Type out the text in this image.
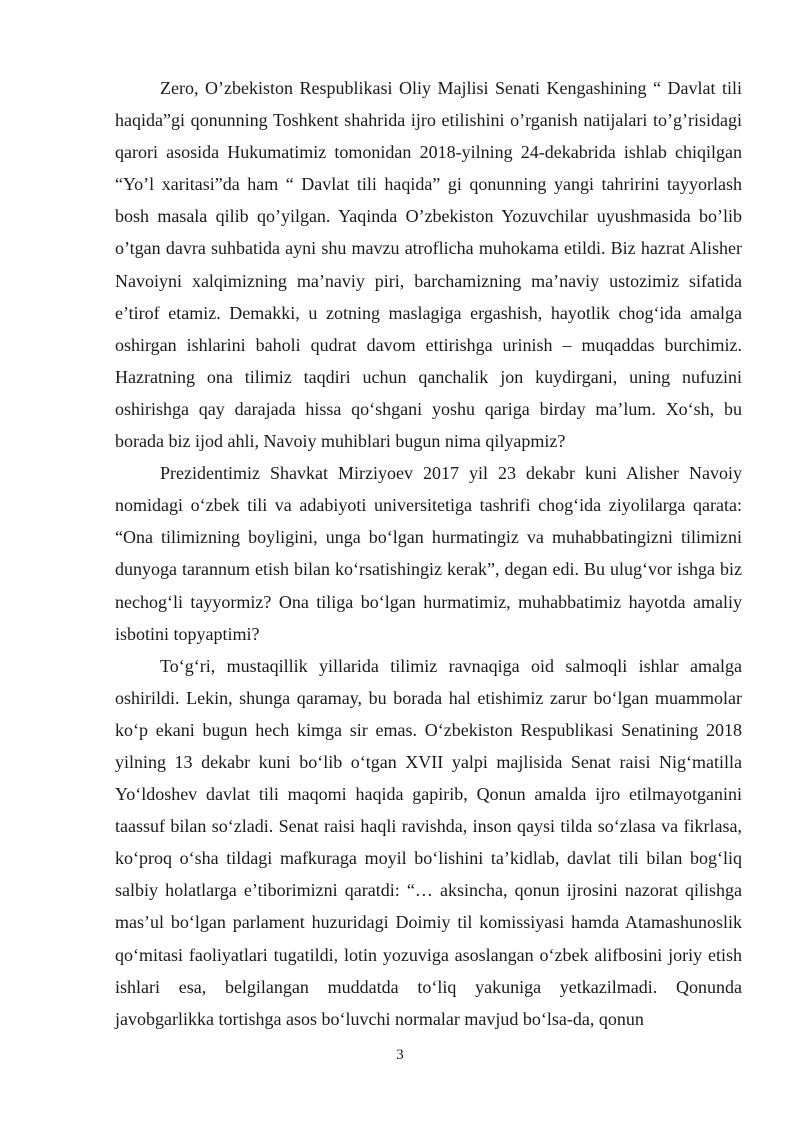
Zero, O’zbekiston Respublikasi Oliy Majlisi Senati Kengashining “ Davlat tili haqida”gi qonunning Toshkent shahrida ijro etilishini o’rganish natijalari to’g’risidagi qarori asosida Hukumatimiz tomonidan 2018-yilning 24-dekabrida ishlab chiqilgan “Yo’l xaritasi”da ham “ Davlat tili haqida” gi qonunning yangi tahririni tayyorlash bosh masala qilib qo’yilgan. Yaqinda O’zbekiston Yozuvchilar uyushmasida bo’lib o’tgan davra suhbatida ayni shu mavzu atroflicha muhokama etildi. Biz hazrat Alisher Navoiyni xalqimizning ma’naviy piri, barchamizning ma’naviy ustozimiz sifatida e’tirof etamiz. Demakki, u zotning maslagiga ergashish, hayotlik chog‘ida amalga oshirgan ishlarini baholi qudrat davom ettirishga urinish – muqaddas burchimiz. Hazratning ona tilimiz taqdiri uchun qanchalik jon kuydirgani, uning nufuzini oshirishga qay darajada hissa qo‘shgani yoshu qariga birday ma’lum. Xo‘sh, bu borada biz ijod ahli, Navoiy muhiblari bugun nima qilyapmiz?

Prezidentimiz Shavkat Mirziyoev 2017 yil 23 dekabr kuni Alisher Navoiy nomidagi o‘zbek tili va adabiyoti universitetiga tashrifi chog‘ida ziyolilarga qarata: “Ona tilimizning boyligini, unga bo‘lgan hurmatingiz va muhabbatingizni tilimizni dunyoga tarannum etish bilan ko‘rsatishingiz kerak”, degan edi. Bu ulug‘vor ishga biz nechog‘li tayyormiz? Ona tiliga bo‘lgan hurmatimiz, muhabbatimiz hayotda amaliy isbotini topyaptimi?

To‘g‘ri, mustaqillik yillarida tilimiz ravnaqiga oid salmoqli ishlar amalga oshirildi. Lekin, shunga qaramay, bu borada hal etishimiz zarur bo‘lgan muammolar ko‘p ekani bugun hech kimga sir emas. O‘zbekiston Respublikasi Senatining 2018 yilning 13 dekabr kuni bo‘lib o‘tgan XVII yalpi majlisida Senat raisi Nig‘matilla Yo‘ldoshev davlat tili maqomi haqida gapirib, Qonun amalda ijro etilmayotganini taassuf bilan so‘zladi. Senat raisi haqli ravishda, inson qaysi tilda so‘zlasa va fikrlasa, ko‘proq o‘sha tildagi mafkuraga moyil bo‘lishini ta’kidlab, davlat tili bilan bog‘liq salbiy holatlarga e’tiborimizni qaratdi: “… aksincha, qonun ijrosini nazorat qilishga mas’ul bo‘lgan parlament huzuridagi Doimiy til komissiyasi hamda Atamashunoslik qo‘mitasi faoliyatlari tugatildi, lotin yozuviga asoslangan o‘zbek alifbosini joriy etish ishlari esa, belgilangan muddatda to‘liq yakuniga yetkazilmadi. Qonunda javobgarlikka tortishga asos bo‘luvchi normalar mavjud bo‘lsa-da, qonun

3
